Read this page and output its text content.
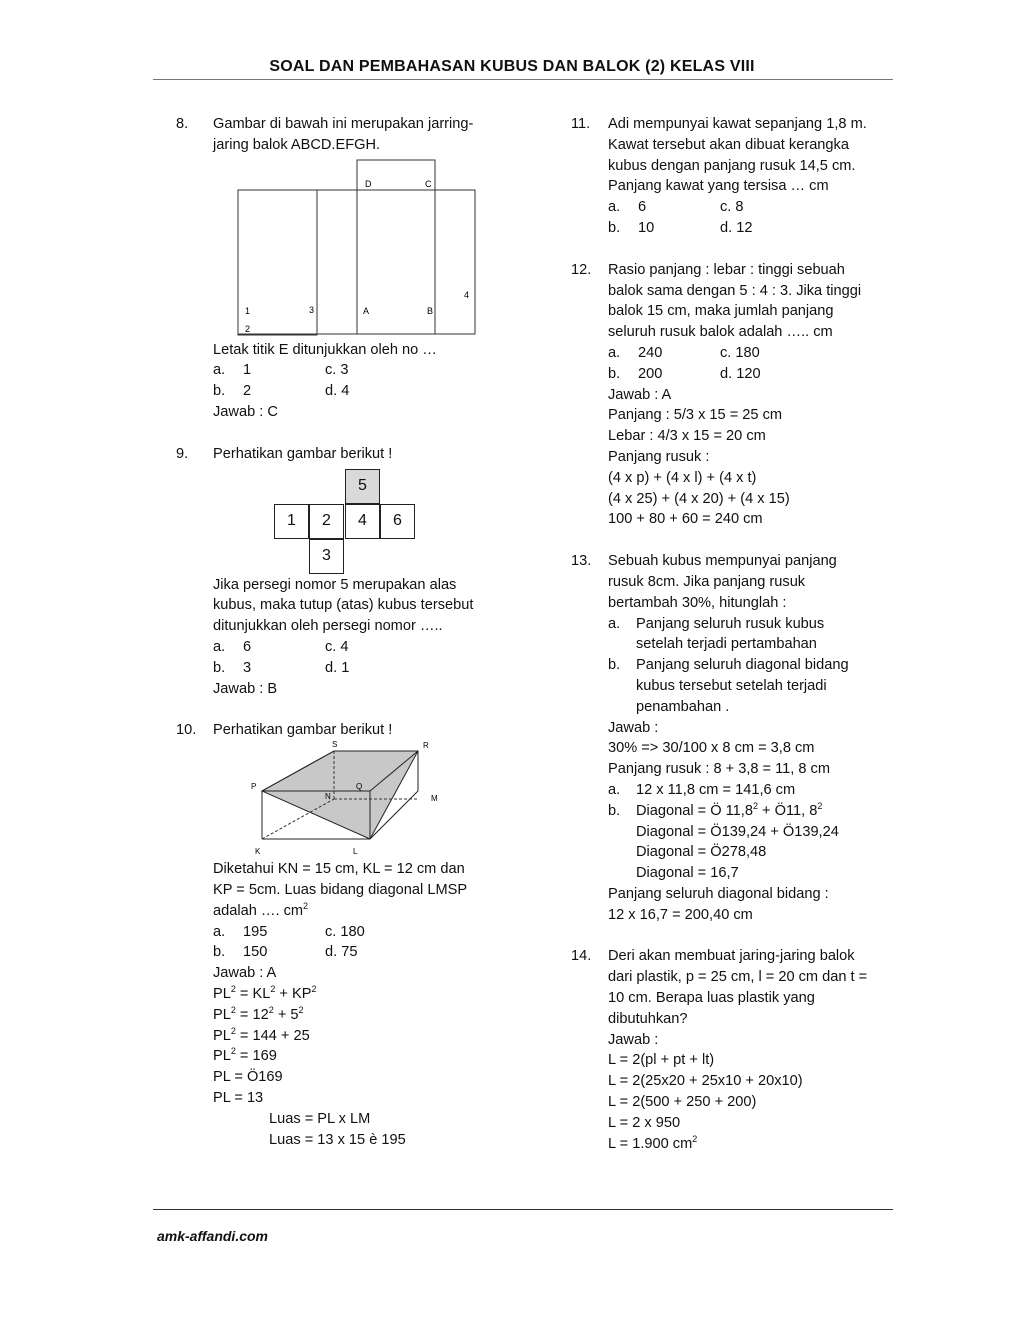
SOAL DAN PEMBAHASAN KUBUS DAN BALOK (2) KELAS VIII
8.	Gambar di bawah ini merupakan jarring-
jaring balok ABCD.EFGH.
D	C
4
1	3	A	B
2
Letak titik E ditunjukkan oleh no …
a.	1	c. 3
b.	2	d. 4
Jawab : C
9.	Perhatikan gambar berikut !
5
1	2	4	6
3
Jika persegi nomor 5 merupakan alas
kubus, maka tutup (atas) kubus tersebut
ditunjukkan oleh persegi nomor …..
a.	6	c. 4
b.	3	d. 1
Jawab : B
10.	Perhatikan gambar berikut !
S	R
P	Q
N	M
K	L
Diketahui KN = 15 cm, KL = 12 cm dan
KP = 5cm. Luas bidang diagonal LMSP
adalah …. $cm^2$
a.	195	c. 180
b.	150	d. 75
Jawab : A
$PL^2 = KL^2 + KP^2$
$PL^2 = 12^2 + 5^2$
$PL^2 = 144 + 25$
$PL^2 = 169$
PL = Ö169
PL = 13
Luas = PL x LM
Luas = 13 x 15 è 195
11.	Adi mempunyai kawat sepanjang 1,8 m.
Kawat tersebut akan dibuat kerangka
kubus dengan panjang rusuk 14,5 cm.
Panjang kawat yang tersisa … cm
a.	6	c. 8
b.	10	d. 12
12.	Rasio panjang : lebar : tinggi sebuah
balok sama dengan 5 : 4 : 3. Jika tinggi
balok 15 cm, maka jumlah panjang
seluruh rusuk balok adalah ….. cm
a.	240	c. 180
b.	200	d. 120
Jawab : A
Panjang : 5/3 x 15 = 25 cm
Lebar : 4/3 x 15 = 20 cm
Panjang rusuk :
(4 x p) + (4 x l) + (4 x t)
(4 x 25) + (4 x 20) + (4 x 15)
100 + 80 + 60 = 240 cm
13.	Sebuah kubus mempunyai panjang
rusuk 8cm. Jika panjang rusuk
bertambah 30%, hitunglah :
a.	Panjang seluruh rusuk kubus
setelah terjadi pertambahan
b.	Panjang seluruh diagonal bidang
kubus tersebut setelah terjadi
penambahan .
Jawab :
30% => 30/100 x 8 cm = 3,8 cm
Panjang rusuk : 8 + 3,8 = 11, 8 cm
a.	12 x 11,8 cm = 141,6 cm
b.	Diagonal = Ö $11,8^2$ + Ö11, $8^2$
Diagonal = Ö139,24 + Ö139,24
Diagonal = Ö278,48
Diagonal = 16,7
Panjang seluruh diagonal bidang :
12 x 16,7 = 200,40 cm
14.	Deri akan membuat jaring-jaring balok
dari plastik, p = 25 cm, l = 20 cm dan t =
10 cm. Berapa luas plastik yang
dibutuhkan?
Jawab :
L = 2(pl + pt + lt)
L = 2(25x20 + 25x10 + 20x10)
L = 2(500 + 250 + 200)
L = 2 x 950
L = 1.900 $cm^2$
amk-affandi.com
